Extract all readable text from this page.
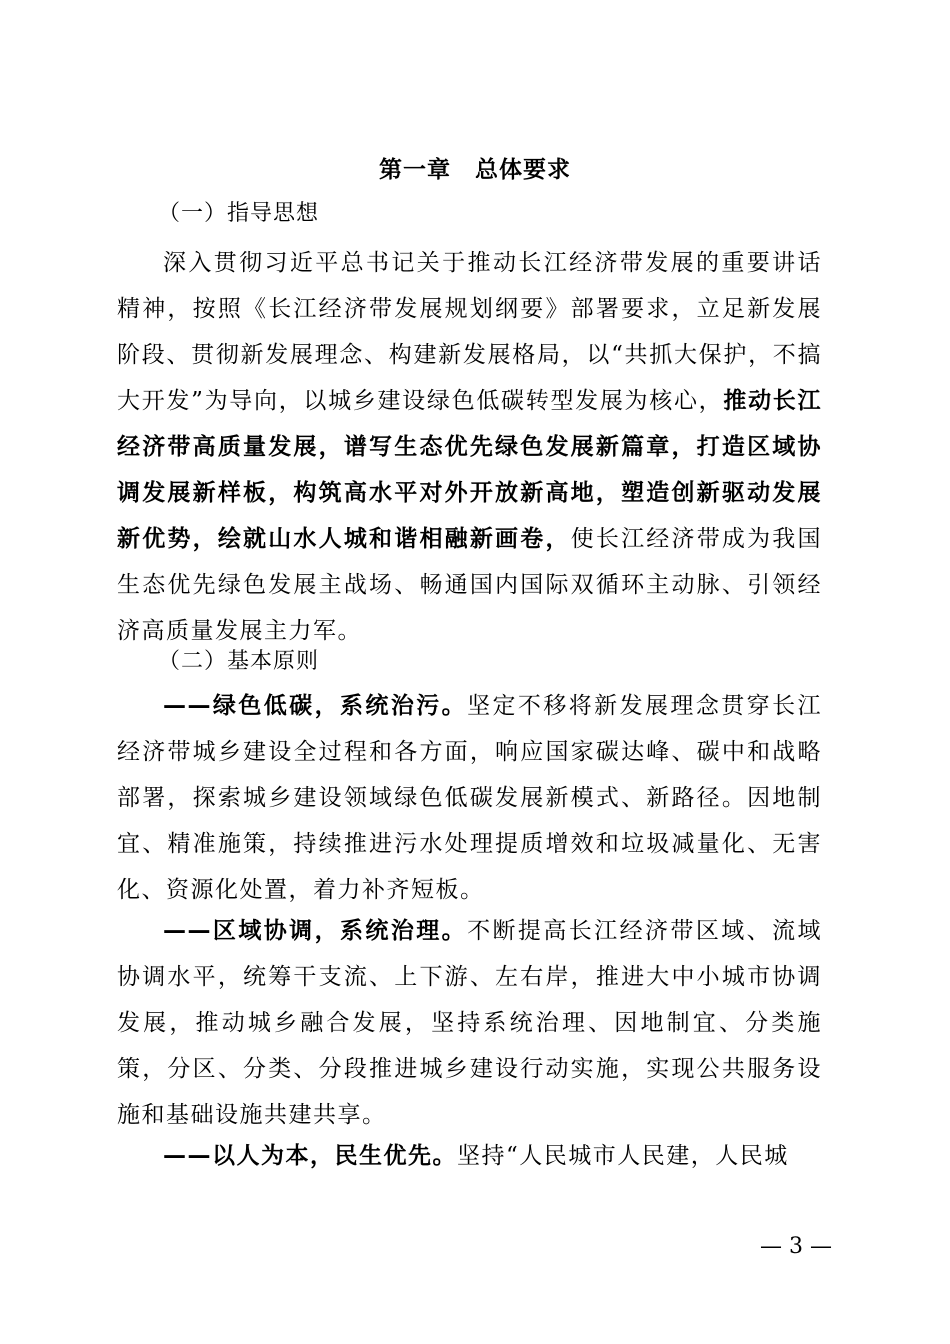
第一章　总体要求
（一）指导思想
深入贯彻习近平总书记关于推动长江经济带发展的重要讲话精神，按照《长江经济带发展规划纲要》部署要求，立足新发展阶段、贯彻新发展理念、构建新发展格局，以“共抓大保护，不搞大开发”为导向，以城乡建设绿色低碳转型发展为核心，推动长江经济带高质量发展，谱写生态优先绿色发展新篇章，打造区域协调发展新样板，构筑高水平对外开放新高地，塑造创新驱动发展新优势，绘就山水人城和谐相融新画卷，使长江经济带成为我国生态优先绿色发展主战场、畅通国内国际双循环主动脉、引领经济高质量发展主力军。
（二）基本原则
——绿色低碳，系统治污。坚定不移将新发展理念贯穿长江经济带城乡建设全过程和各方面，响应国家碳达峰、碳中和战略部署，探索城乡建设领域绿色低碳发展新模式、新路径。因地制宜、精准施策，持续推进污水处理提质增效和垃圾减量化、无害化、资源化处置，着力补齐短板。
——区域协调，系统治理。不断提高长江经济带区域、流域协调水平，统筹干支流、上下游、左右岸，推进大中小城市协调发展，推动城乡融合发展，坚持系统治理、因地制宜、分类施策，分区、分类、分段推进城乡建设行动实施，实现公共服务设施和基础设施共建共享。
——以人为本，民生优先。坚持“人民城市人民建，人民城
— 3 —
